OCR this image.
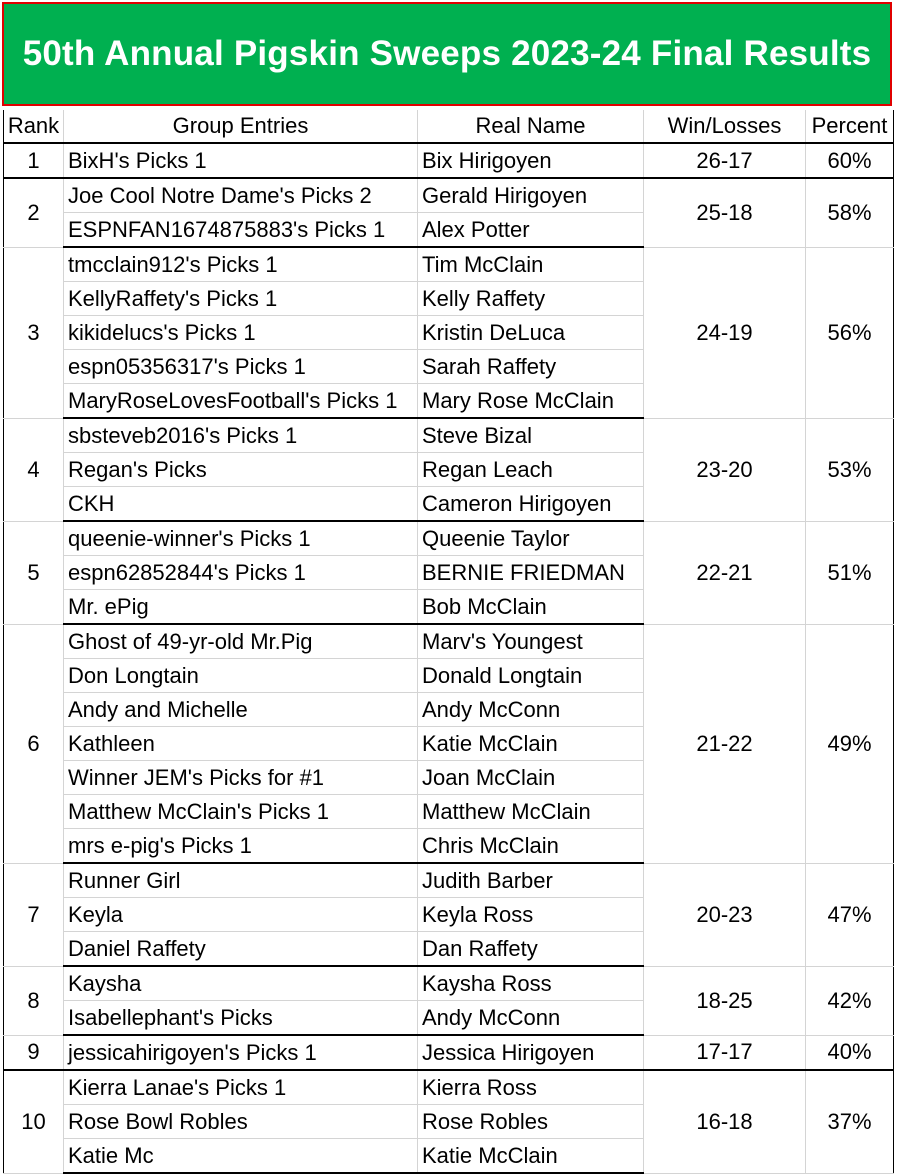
50th Annual Pigskin Sweeps 2023-24 Final Results
Rank	Group Entries	Real Name	Win/Losses	Percent
1	BixH's Picks 1	Bix Hirigoyen	26-17	60%
2	Joe Cool Notre Dame's Picks 2	Gerald Hirigoyen	25-18	58%
	ESPNFAN1674875883's Picks 1	Alex Potter		
3	tmcclain912's Picks 1	Tim McClain	24-19	56%
	KellyRaffety's Picks 1	Kelly Raffety		
	kikidelucs's Picks 1	Kristin DeLuca		
	espn05356317's Picks 1	Sarah Raffety		
	MaryRoseLovesFootball's Picks 1	Mary Rose McClain		
4	sbsteveb2016's Picks 1	Steve Bizal	23-20	53%
	Regan's Picks	Regan Leach		
	CKH	Cameron Hirigoyen		
5	queenie-winner's Picks 1	Queenie Taylor	22-21	51%
	espn62852844's Picks 1	BERNIE FRIEDMAN		
	Mr. ePig	Bob McClain		
6	Ghost of 49-yr-old Mr.Pig	Marv's Youngest	21-22	49%
	Don Longtain	Donald Longtain		
	Andy and Michelle	Andy McConn		
	Kathleen	Katie McClain		
	Winner JEM's Picks for #1	Joan McClain		
	Matthew McClain's Picks 1	Matthew McClain		
	mrs e-pig's Picks 1	Chris McClain		
7	Runner Girl	Judith Barber	20-23	47%
	Keyla	Keyla Ross		
	Daniel Raffety	Dan Raffety		
8	Kaysha	Kaysha Ross	18-25	42%
	Isabellephant's Picks	Andy McConn		
9	jessicahirigoyen's Picks 1	Jessica Hirigoyen	17-17	40%
10	Kierra Lanae's Picks 1	Kierra Ross	16-18	37%
	Rose Bowl Robles	Rose Robles		
	Katie Mc	Katie McClain		
